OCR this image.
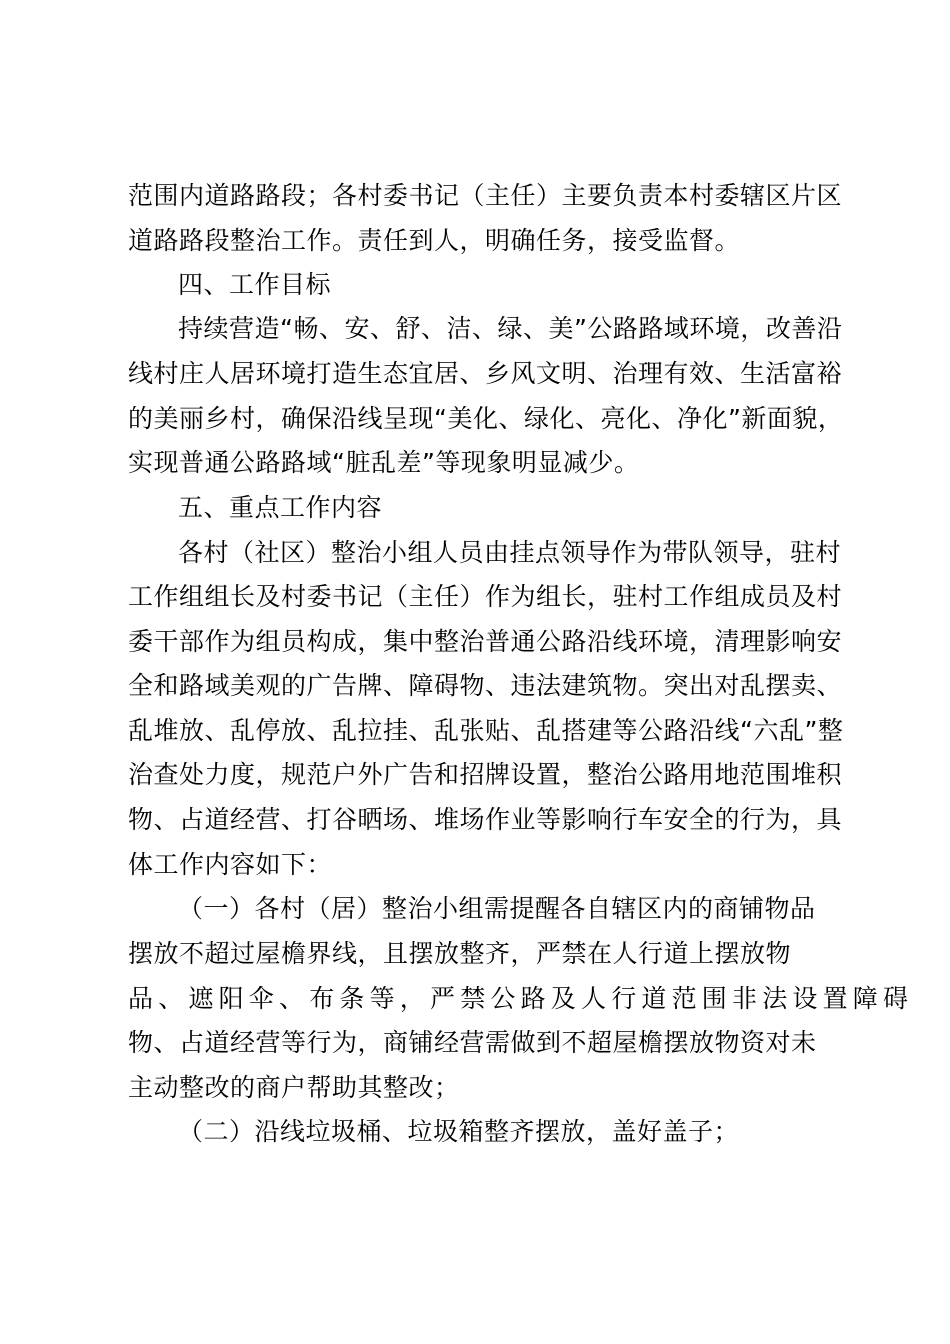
范围内道路路段；各村委书记（主任）主要负责本村委辖区片区
道路路段整治工作。责任到人，明确任务，接受监督。
四、工作目标
持续营造“畅、安、舒、洁、绿、美”公路路域环境，改善沿
线村庄人居环境打造生态宜居、乡风文明、治理有效、生活富裕
的美丽乡村，确保沿线呈现“美化、绿化、亮化、净化”新面貌，
实现普通公路路域“脏乱差”等现象明显减少。
五、重点工作内容
各村（社区）整治小组人员由挂点领导作为带队领导，驻村
工作组组长及村委书记（主任）作为组长，驻村工作组成员及村
委干部作为组员构成，集中整治普通公路沿线环境，清理影响安
全和路域美观的广告牌、障碍物、违法建筑物。突出对乱摆卖、
乱堆放、乱停放、乱拉挂、乱张贴、乱搭建等公路沿线“六乱”整
治查处力度，规范户外广告和招牌设置，整治公路用地范围堆积
物、占道经营、打谷晒场、堆场作业等影响行车安全的行为，具
体工作内容如下：
（一）各村（居）整治小组需提醒各自辖区内的商铺物品
摆放不超过屋檐界线，且摆放整齐，严禁在人行道上摆放物
品、遮阳伞、布条等，严禁公路及人行道范围非法设置障碍
物、占道经营等行为，商铺经营需做到不超屋檐摆放物资对未
主动整改的商户帮助其整改；
（二）沿线垃圾桶、垃圾箱整齐摆放，盖好盖子；
